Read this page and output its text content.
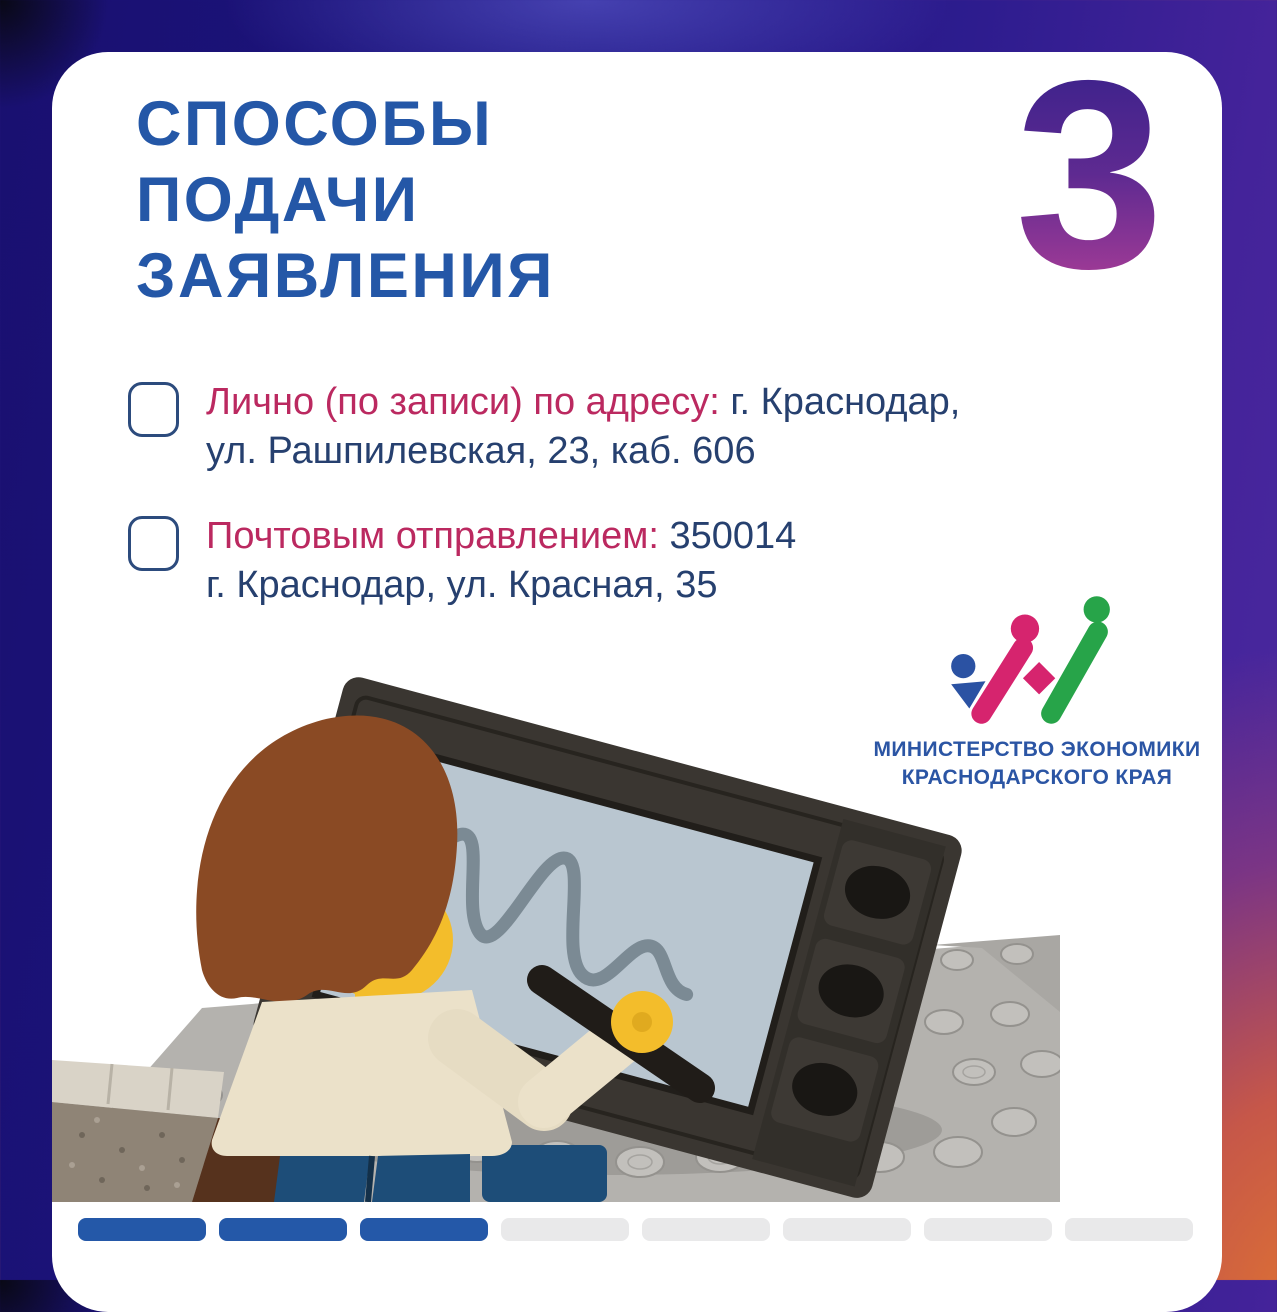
СПОСОБЫ
ПОДАЧИ
ЗАЯВЛЕНИЯ 3
Лично (по записи) по адресу: г. Краснодар,
ул. Рашпилевская, 23, каб. 606
Почтовым отправлением: 350014
г. Краснодар, ул. Красная, 35
МИНИСТЕРСТВО ЭКОНОМИКИ
КРАСНОДАРСКОГО КРАЯ
